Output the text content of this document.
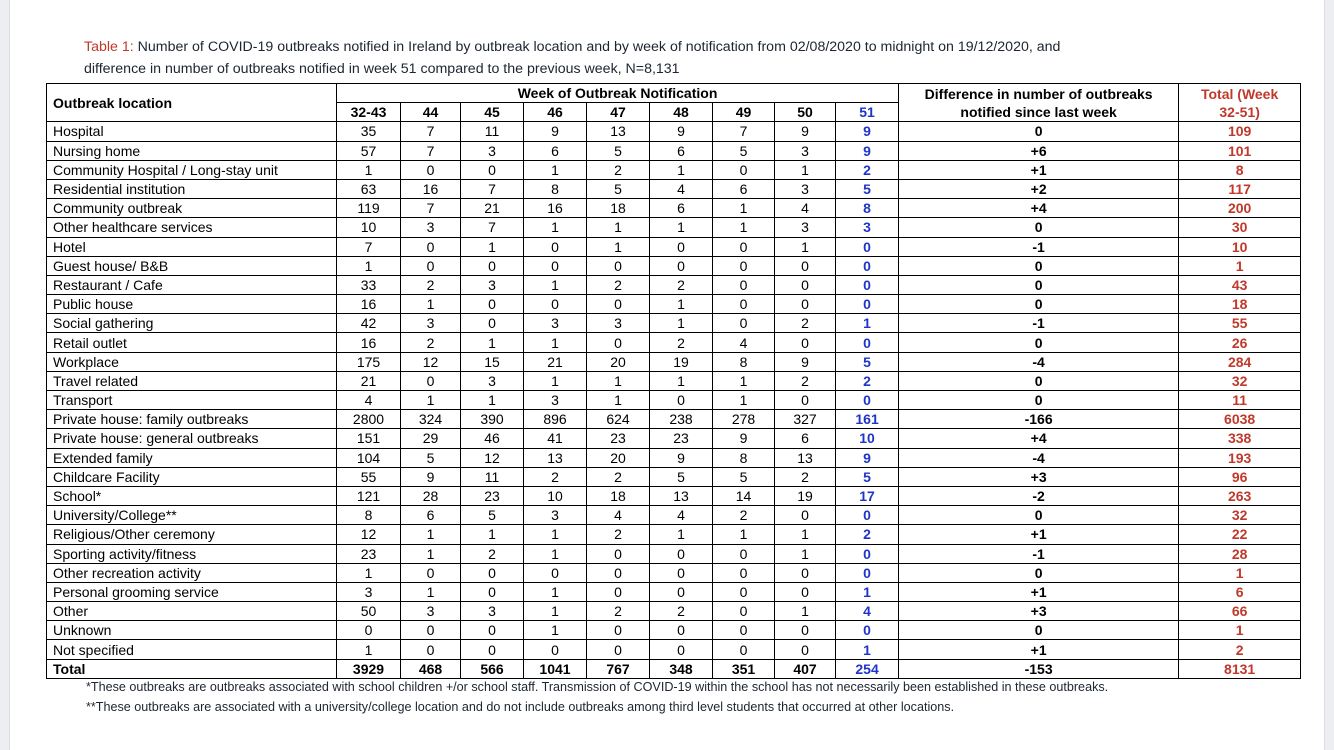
Table 1: Number of COVID-19 outbreaks notified in Ireland by outbreak location and by week of notification from 02/08/2020 to midnight on 19/12/2020, and
difference in number of outbreaks notified in week 51 compared to the previous week, N=8,131
Outbreak location	Week of Outbreak Notification									Difference in number of outbreaks
notified since last week	Total (Week
32-51)
	32-43	44	45	46	47	48	49	50	51		
Hospital	35	7	11	9	13	9	7	9	9	0	109
Nursing home	57	7	3	6	5	6	5	3	9	+6	101
Community Hospital / Long-stay unit	1	0	0	1	2	1	0	1	2	+1	8
Residential institution	63	16	7	8	5	4	6	3	5	+2	117
Community outbreak	119	7	21	16	18	6	1	4	8	+4	200
Other healthcare services	10	3	7	1	1	1	1	3	3	0	30
Hotel	7	0	1	0	1	0	0	1	0	-1	10
Guest house/ B&B	1	0	0	0	0	0	0	0	0	0	1
Restaurant / Cafe	33	2	3	1	2	2	0	0	0	0	43
Public house	16	1	0	0	0	1	0	0	0	0	18
Social gathering	42	3	0	3	3	1	0	2	1	-1	55
Retail outlet	16	2	1	1	0	2	4	0	0	0	26
Workplace	175	12	15	21	20	19	8	9	5	-4	284
Travel related	21	0	3	1	1	1	1	2	2	0	32
Transport	4	1	1	3	1	0	1	0	0	0	11
Private house: family outbreaks	2800	324	390	896	624	238	278	327	161	-166	6038
Private house: general outbreaks	151	29	46	41	23	23	9	6	10	+4	338
Extended family	104	5	12	13	20	9	8	13	9	-4	193
Childcare Facility	55	9	11	2	2	5	5	2	5	+3	96
School*	121	28	23	10	18	13	14	19	17	-2	263
University/College**	8	6	5	3	4	4	2	0	0	0	32
Religious/Other ceremony	12	1	1	1	2	1	1	1	2	+1	22
Sporting activity/fitness	23	1	2	1	0	0	0	1	0	-1	28
Other recreation activity	1	0	0	0	0	0	0	0	0	0	1
Personal grooming service	3	1	0	1	0	0	0	0	1	+1	6
Other	50	3	3	1	2	2	0	1	4	+3	66
Unknown	0	0	0	1	0	0	0	0	0	0	1
Not specified	1	0	0	0	0	0	0	0	1	+1	2
Total	3929	468	566	1041	767	348	351	407	254	-153	8131
*These outbreaks are outbreaks associated with school children +/or school staff. Transmission of COVID-19 within the school has not necessarily been established in these outbreaks.
**These outbreaks are associated with a university/college location and do not include outbreaks among third level students that occurred at other locations.
